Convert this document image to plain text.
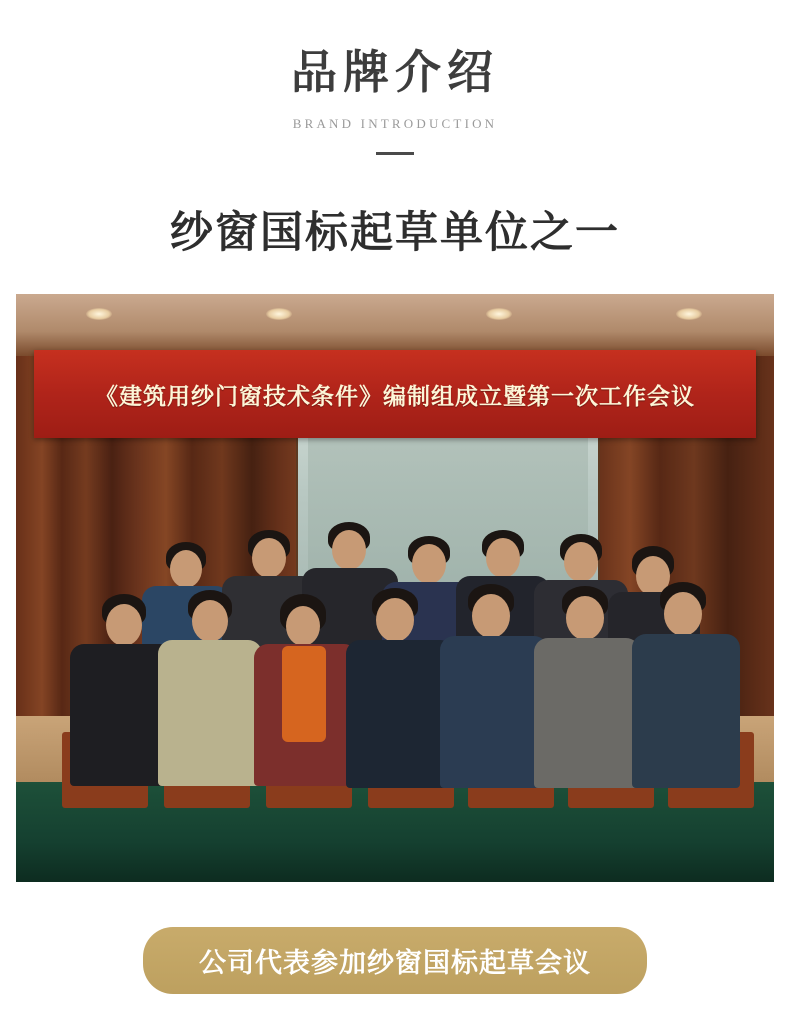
品牌介绍
BRAND INTRODUCTION
纱窗国标起草单位之一
《建筑用纱门窗技术条件》编制组成立暨第一次工作会议
公司代表参加纱窗国标起草会议
